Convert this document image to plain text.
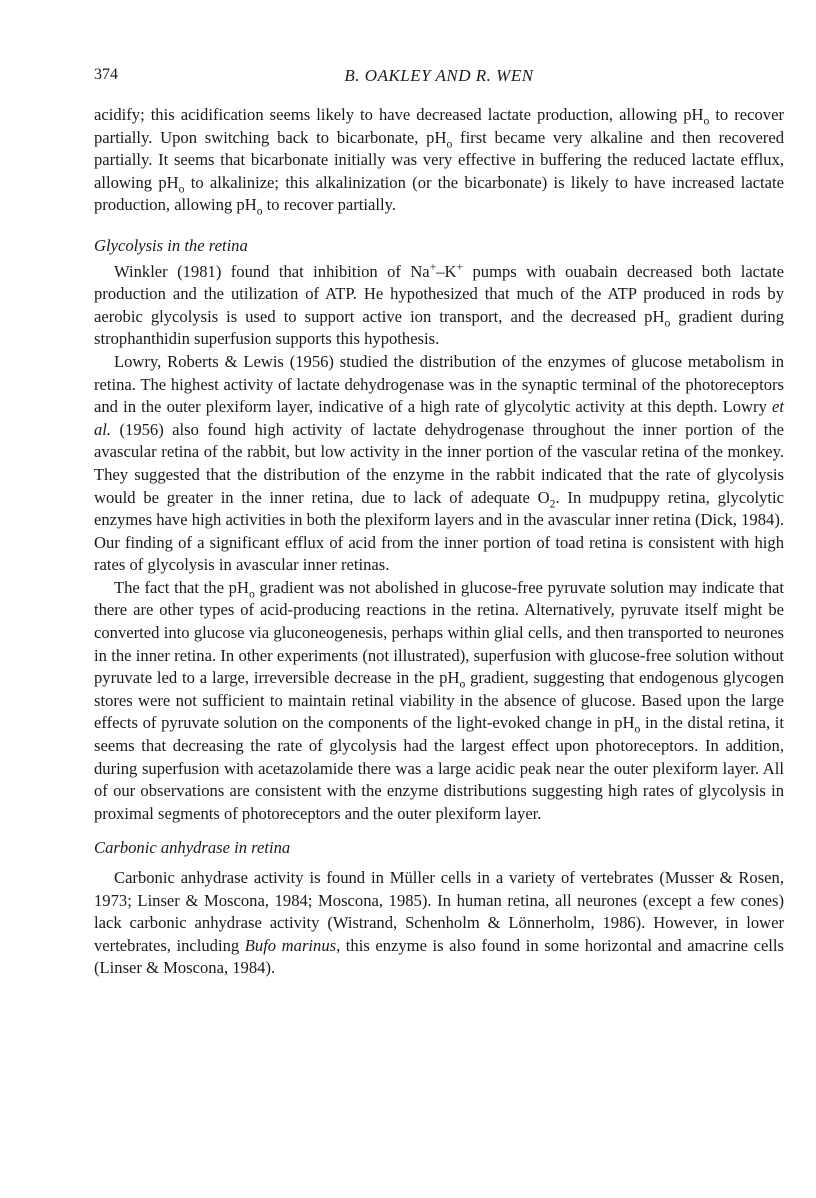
374	B. OAKLEY AND R. WEN

acidify; this acidification seems likely to have decreased lactate production, allowing $pH_o$ to recover partially. Upon switching back to bicarbonate, $pH_o$ first became very alkaline and then recovered partially. It seems that bicarbonate initially was very effective in buffering the reduced lactate efflux, allowing $pH_o$ to alkalinize; this alkalinization (or the bicarbonate) is likely to have increased lactate production, allowing $pH_o$ to recover partially.

Glycolysis in the retina

Winkler (1981) found that inhibition of Na+–K+ pumps with ouabain decreased both lactate production and the utilization of ATP. He hypothesized that much of the ATP produced in rods by aerobic glycolysis is used to support active ion transport, and the decreased $pH_o$ gradient during strophanthidin superfusion supports this hypothesis.

Lowry, Roberts & Lewis (1956) studied the distribution of the enzymes of glucose metabolism in retina. The highest activity of lactate dehydrogenase was in the synaptic terminal of the photoreceptors and in the outer plexiform layer, indicative of a high rate of glycolytic activity at this depth. Lowry et al. (1956) also found high activity of lactate dehydrogenase throughout the inner portion of the avascular retina of the rabbit, but low activity in the inner portion of the vascular retina of the monkey. They suggested that the distribution of the enzyme in the rabbit indicated that the rate of glycolysis would be greater in the inner retina, due to lack of adequate $O_2$. In mudpuppy retina, glycolytic enzymes have high activities in both the plexiform layers and in the avascular inner retina (Dick, 1984). Our finding of a significant efflux of acid from the inner portion of toad retina is consistent with high rates of glycolysis in avascular inner retinas.

The fact that the $pH_o$ gradient was not abolished in glucose-free pyruvate solution may indicate that there are other types of acid-producing reactions in the retina. Alternatively, pyruvate itself might be converted into glucose via gluconeogenesis, perhaps within glial cells, and then transported to neurones in the inner retina. In other experiments (not illustrated), superfusion with glucose-free solution without pyruvate led to a large, irreversible decrease in the $pH_o$ gradient, suggesting that endogenous glycogen stores were not sufficient to maintain retinal viability in the absence of glucose. Based upon the large effects of pyruvate solution on the components of the light-evoked change in $pH_o$ in the distal retina, it seems that decreasing the rate of glycolysis had the largest effect upon photoreceptors. In addition, during superfusion with acetazolamide there was a large acidic peak near the outer plexiform layer. All of our observations are consistent with the enzyme distributions suggesting high rates of glycolysis in proximal segments of photoreceptors and the outer plexiform layer.

Carbonic anhydrase in retina

Carbonic anhydrase activity is found in Müller cells in a variety of vertebrates (Musser & Rosen, 1973; Linser & Moscona, 1984; Moscona, 1985). In human retina, all neurones (except a few cones) lack carbonic anhydrase activity (Wistrand, Schenholm & Lönnerholm, 1986). However, in lower vertebrates, including Bufo marinus, this enzyme is also found in some horizontal and amacrine cells (Linser & Moscona, 1984).
